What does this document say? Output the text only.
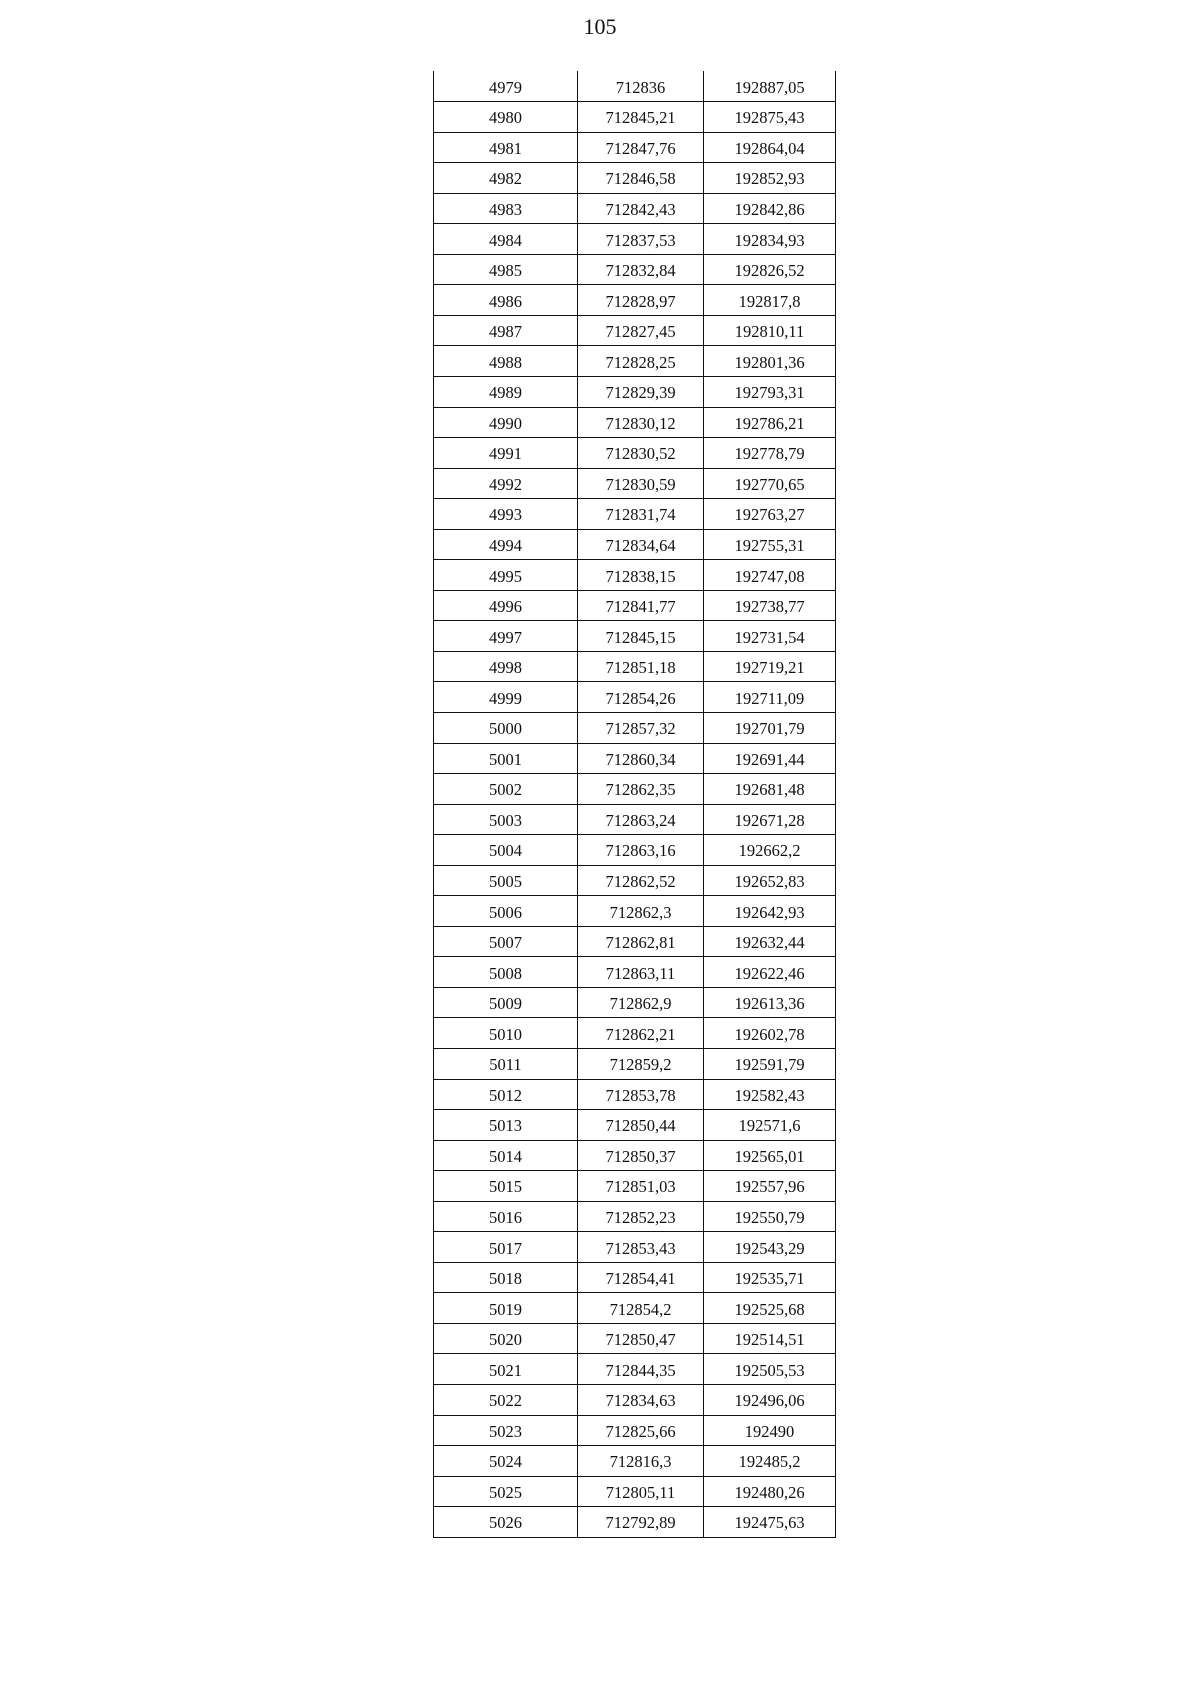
105
4979	712836	192887,05
4980	712845,21	192875,43
4981	712847,76	192864,04
4982	712846,58	192852,93
4983	712842,43	192842,86
4984	712837,53	192834,93
4985	712832,84	192826,52
4986	712828,97	192817,8
4987	712827,45	192810,11
4988	712828,25	192801,36
4989	712829,39	192793,31
4990	712830,12	192786,21
4991	712830,52	192778,79
4992	712830,59	192770,65
4993	712831,74	192763,27
4994	712834,64	192755,31
4995	712838,15	192747,08
4996	712841,77	192738,77
4997	712845,15	192731,54
4998	712851,18	192719,21
4999	712854,26	192711,09
5000	712857,32	192701,79
5001	712860,34	192691,44
5002	712862,35	192681,48
5003	712863,24	192671,28
5004	712863,16	192662,2
5005	712862,52	192652,83
5006	712862,3	192642,93
5007	712862,81	192632,44
5008	712863,11	192622,46
5009	712862,9	192613,36
5010	712862,21	192602,78
5011	712859,2	192591,79
5012	712853,78	192582,43
5013	712850,44	192571,6
5014	712850,37	192565,01
5015	712851,03	192557,96
5016	712852,23	192550,79
5017	712853,43	192543,29
5018	712854,41	192535,71
5019	712854,2	192525,68
5020	712850,47	192514,51
5021	712844,35	192505,53
5022	712834,63	192496,06
5023	712825,66	192490
5024	712816,3	192485,2
5025	712805,11	192480,26
5026	712792,89	192475,63
